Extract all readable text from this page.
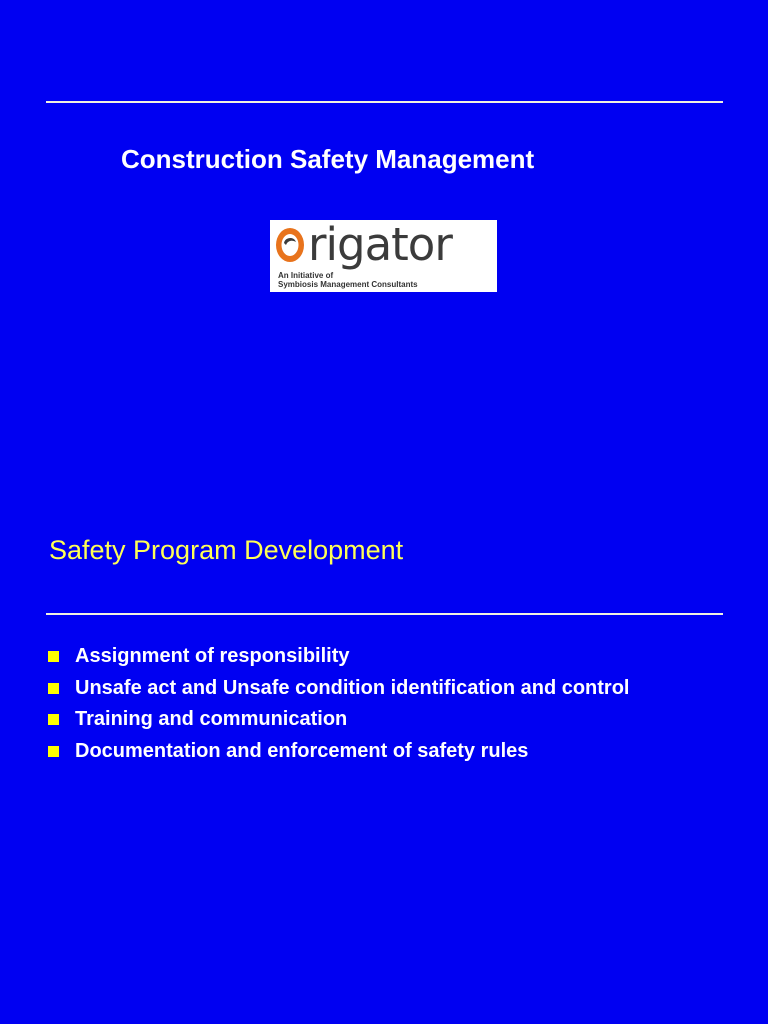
Construction Safety Management
rigator
An Initiative of
Symbiosis Management Consultants
Safety Program Development
Assignment of responsibility
Unsafe act and Unsafe condition identification and control
Training and communication
Documentation and enforcement of safety rules
